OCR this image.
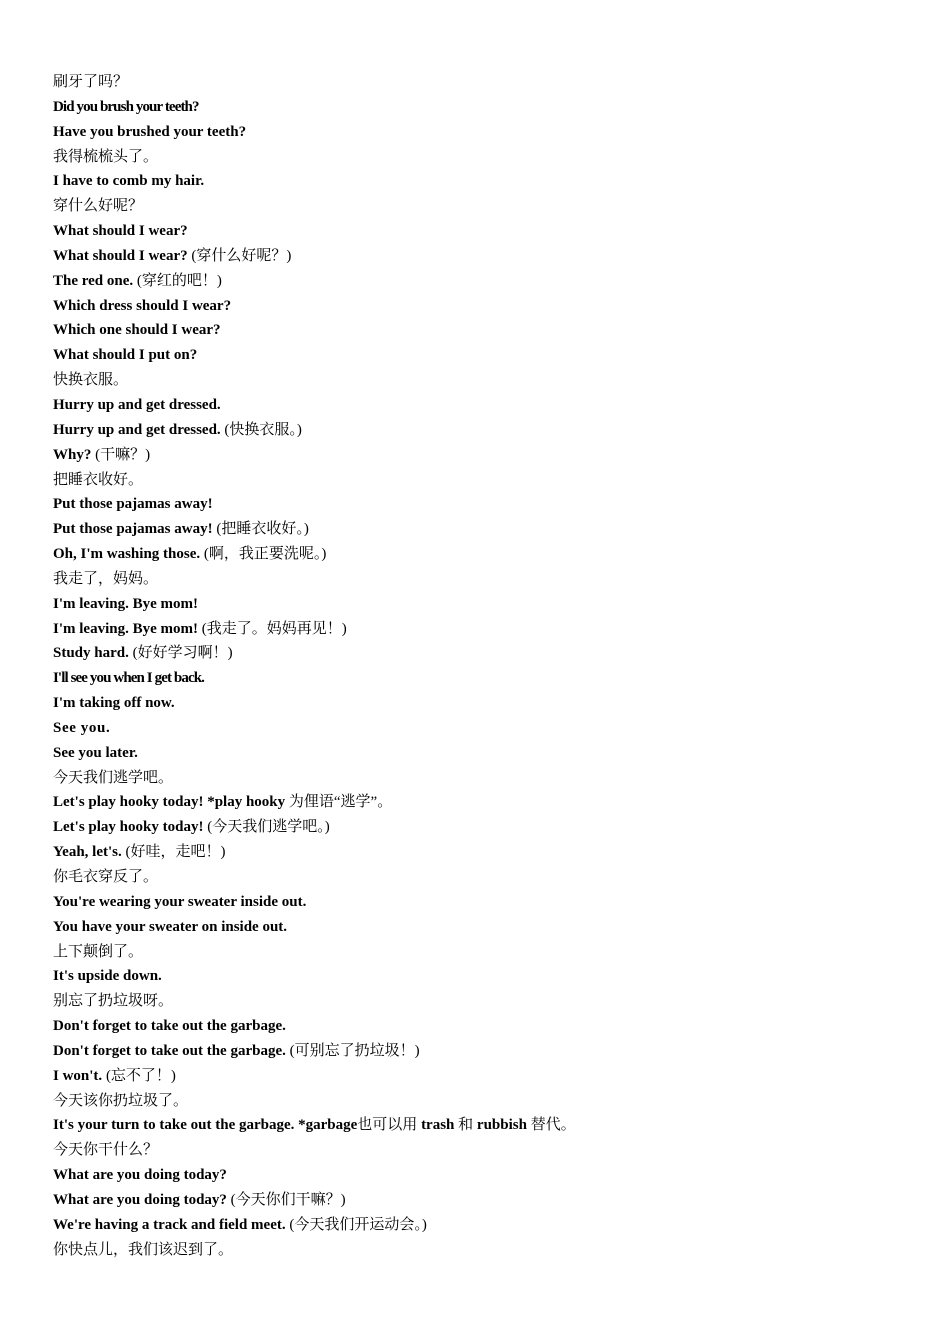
刷牙了吗？
Did you brush your teeth?
Have you brushed your teeth?
我得梳梳头了。
I have to comb my hair.
穿什么好呢？
What should I wear?
What should I wear? (穿什么好呢？)
The red one. (穿红的吧！)
Which dress should I wear?
Which one should I wear?
What should I put on?
快换衣服。
Hurry up and get dressed.
Hurry up and get dressed. (快换衣服。)
Why? (干嘛？)
把睡衣收好。
Put those pajamas away!
Put those pajamas away! (把睡衣收好。)
Oh, I'm washing those. (啊，我正要洗呢。)
我走了，妈妈。
I'm leaving. Bye mom!
I'm leaving. Bye mom! (我走了。妈妈再见！)
Study hard. (好好学习啊！)
I'll see you when I get back.
I'm taking off now.
See you.
See you later.
今天我们逃学吧。
Let's play hooky today! *play hooky 为俚语“逃学”。
Let's play hooky today! (今天我们逃学吧。)
Yeah, let's. (好哇，走吧！)
你毛衣穿反了。
You're wearing your sweater inside out.
You have your sweater on inside out.
上下颠倒了。
It's upside down.
别忘了扔垃圾呀。
Don't forget to take out the garbage.
Don't forget to take out the garbage. (可别忘了扔垃圾！)
I won't. (忘不了！)
今天该你扔垃圾了。
It's your turn to take out the garbage. *garbage也可以用 trash 和 rubbish 替代。
今天你干什么？
What are you doing today?
What are you doing today? (今天你们干嘛？)
We're having a track and field meet. (今天我们开运动会。)
你快点儿，我们该迟到了。
